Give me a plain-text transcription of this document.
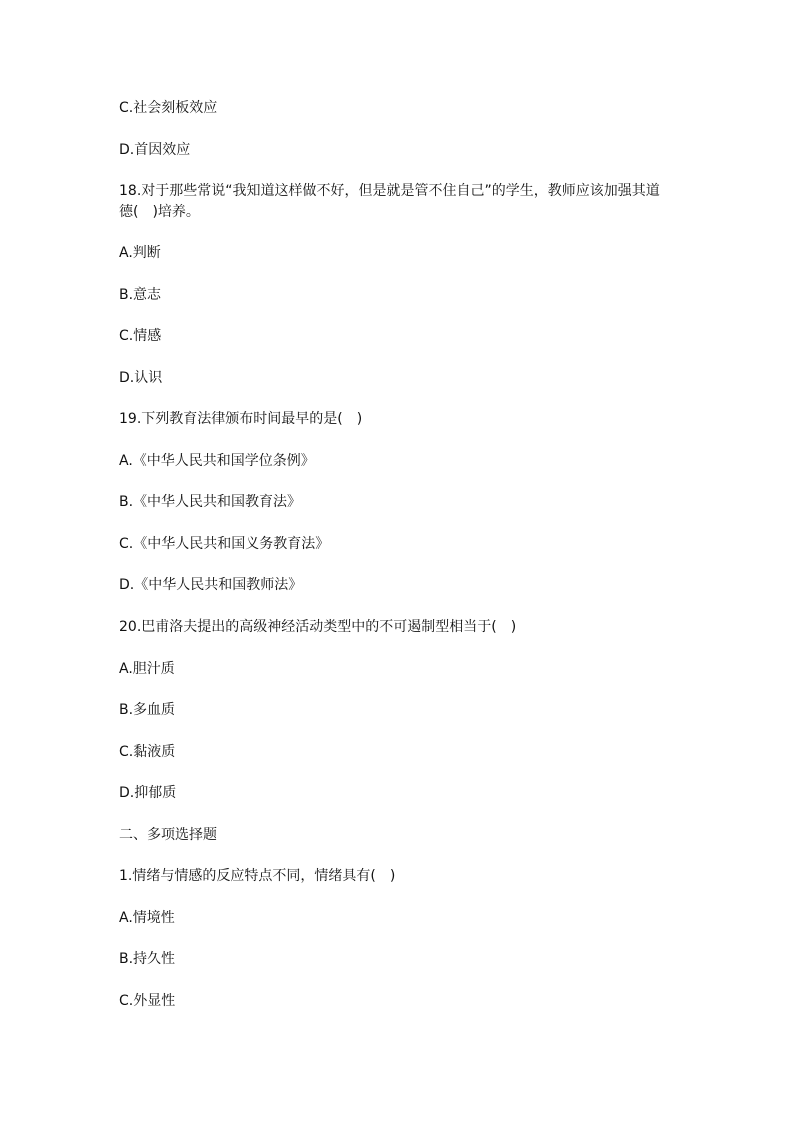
C.社会刻板效应
D.首因效应
18.对于那些常说“我知道这样做不好，但是就是管不住自己”的学生，教师应该加强其道
德(　)培养。
A.判断
B.意志
C.情感
D.认识
19.下列教育法律颁布时间最早的是(　)
A.《中华人民共和国学位条例》
B.《中华人民共和国教育法》
C.《中华人民共和国义务教育法》
D.《中华人民共和国教师法》
20.巴甫洛夫提出的高级神经活动类型中的不可遏制型相当于(　)
A.胆汁质
B.多血质
C.黏液质
D.抑郁质
二、多项选择题
1.情绪与情感的反应特点不同，情绪具有(　)
A.情境性
B.持久性
C.外显性
